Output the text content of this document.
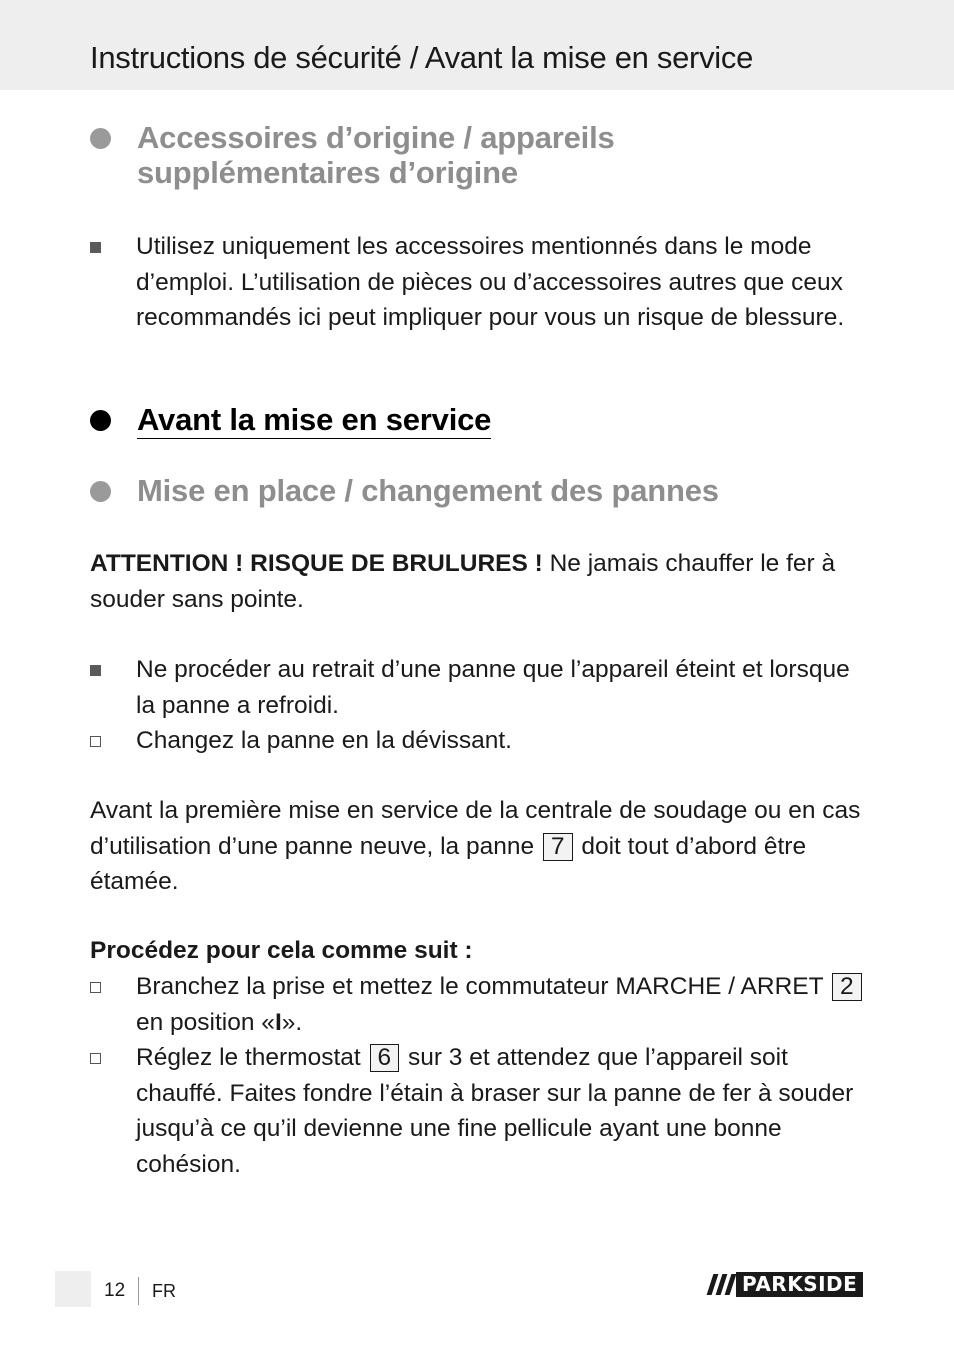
Instructions de sécurité / Avant la mise en service
Accessoires d’origine / appareils
supplémentaires d’origine
Utilisez uniquement les accessoires mentionnés dans le mode d’emploi. L’utilisation de pièces ou d’accessoires autres que ceux recommandés ici peut impliquer pour vous un risque de blessure.
Avant la mise en service
Mise en place / changement des pannes
ATTENTION ! RISQUE DE BRULURES ! Ne jamais chauffer le fer à souder sans pointe.
Ne procéder au retrait d’une panne que l’appareil éteint et lorsque la panne a refroidi.
Changez la panne en la dévissant.
Avant la première mise en service de la centrale de soudage ou en cas d’utilisation d’une panne neuve, la panne 7 doit tout d’abord être étamée.
Procédez pour cela comme suit :
Branchez la prise et mettez le commutateur MARCHE / ARRET 2
en position «I».
Réglez le thermostat 6 sur 3 et attendez que l’appareil soit chauffé. Faites fondre l’étain à braser sur la panne de fer à souder jusqu’à ce qu’il devienne une fine pellicule ayant une bonne cohésion.
12 FR	PARKSIDE
